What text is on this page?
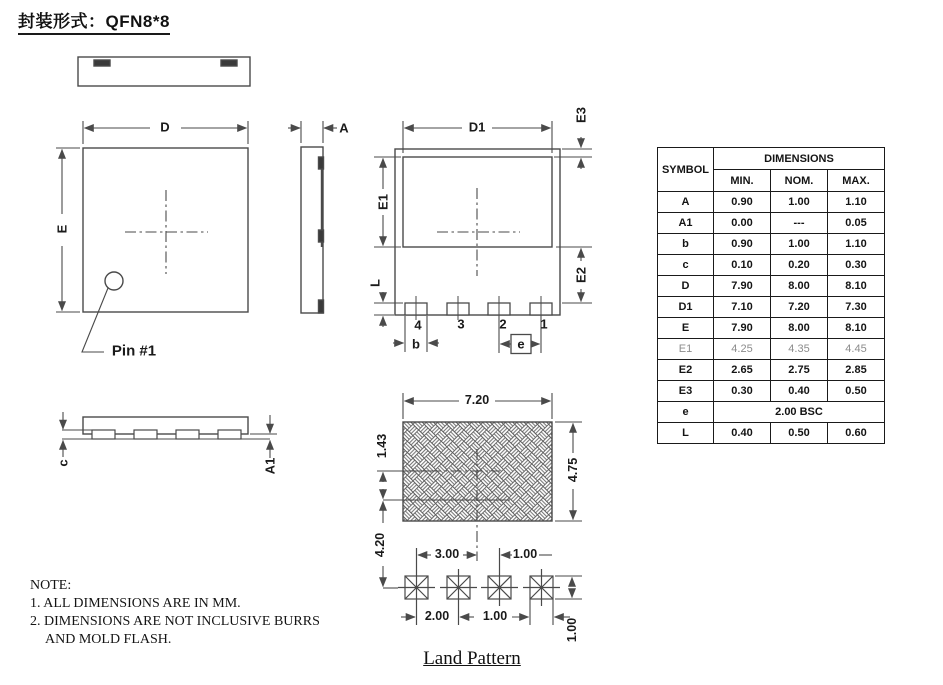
封装形式：QFN8*8
D
E
A
Pin #1
D1
E3
E1
E2
L
4	3	2	1
b	e
c	A1
7.20
4.75
1.43
4.20	3.00	1.00
2.00	1.00
1.00
Land Pattern
SYMBOL	DIMENSIONS		
	MIN.	NOM.	MAX.
A	0.90	1.00	1.10
A1	0.00	---	0.05
b	0.90	1.00	1.10
c	0.10	0.20	0.30
D	7.90	8.00	8.10
D1	7.10	7.20	7.30
E	7.90	8.00	8.10
E1	4.25	4.35	4.45
E2	2.65	2.75	2.85
E3	0.30	0.40	0.50
e	2.00 BSC		
L	0.40	0.50	0.60
NOTE:
1. ALL DIMENSIONS ARE IN MM.
2. DIMENSIONS ARE NOT INCLUSIVE BURRS
AND MOLD FLASH.
